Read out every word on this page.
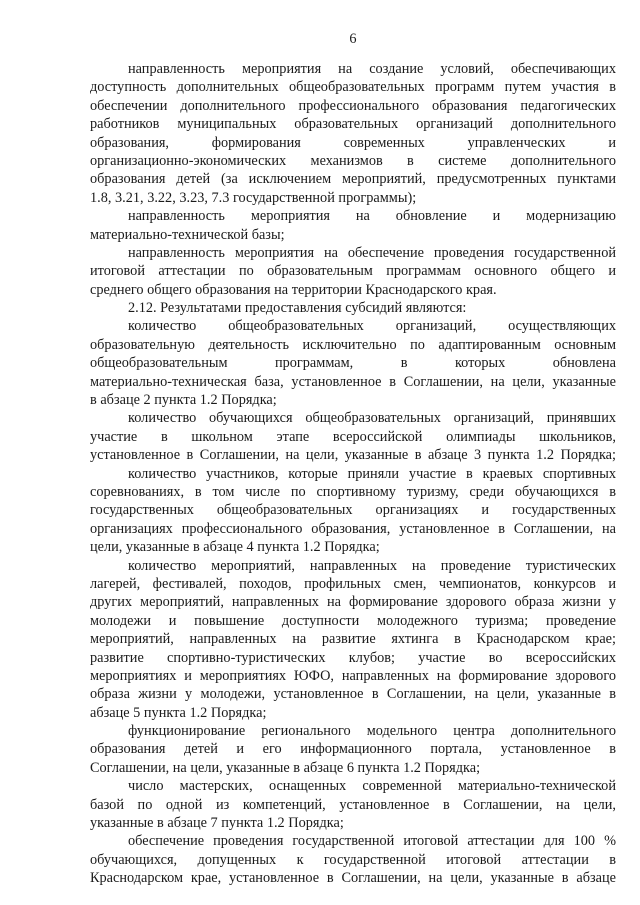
6
направленность мероприятия на создание условий, обеспечивающих
доступность дополнительных общеобразовательных программ путем участия в
обеспечении дополнительного профессионального образования педагогических
работников муниципальных образовательных организаций дополнительного
образования, формирования современных управленческих и
организационно-экономических механизмов в системе дополнительного
образования детей (за исключением мероприятий, предусмотренных пунктами
1.8, 3.21, 3.22, 3.23, 7.3 государственной программы);
направленность мероприятия на обновление и модернизацию
материально-технической базы;
направленность мероприятия на обеспечение проведения государственной
итоговой аттестации по образовательным программам основного общего и
среднего общего образования на территории Краснодарского края.
2.12. Результатами предоставления субсидий являются:
количество общеобразовательных организаций, осуществляющих
образовательную деятельность исключительно по адаптированным основным
общеобразовательным программам, в которых обновлена
материально-техническая база, установленное в Соглашении, на цели, указанные
в абзаце 2 пункта 1.2 Порядка;
количество обучающихся общеобразовательных организаций, принявших
участие в школьном этапе всероссийской олимпиады школьников,
установленное в Соглашении, на цели, указанные в абзаце 3 пункта 1.2 Порядка;
количество участников, которые приняли участие в краевых спортивных
соревнованиях, в том числе по спортивному туризму, среди обучающихся в
государственных общеобразовательных организациях и государственных
организациях профессионального образования, установленное в Соглашении, на
цели, указанные в абзаце 4 пункта 1.2 Порядка;
количество мероприятий, направленных на проведение туристических
лагерей, фестивалей, походов, профильных смен, чемпионатов, конкурсов и
других мероприятий, направленных на формирование здорового образа жизни у
молодежи и повышение доступности молодежного туризма; проведение
мероприятий, направленных на развитие яхтинга в Краснодарском крае;
развитие спортивно-туристических клубов; участие во всероссийских
мероприятиях и мероприятиях ЮФО, направленных на формирование здорового
образа жизни у молодежи, установленное в Соглашении, на цели, указанные в
абзаце 5 пункта 1.2 Порядка;
функционирование регионального модельного центра дополнительного
образования детей и его информационного портала, установленное в
Соглашении, на цели, указанные в абзаце 6 пункта 1.2 Порядка;
число мастерских, оснащенных современной материально-технической
базой по одной из компетенций, установленное в Соглашении, на цели,
указанные в абзаце 7 пункта 1.2 Порядка;
обеспечение проведения государственной итоговой аттестации для 100 %
обучающихся, допущенных к государственной итоговой аттестации в
Краснодарском крае, установленное в Соглашении, на цели, указанные в абзаце
